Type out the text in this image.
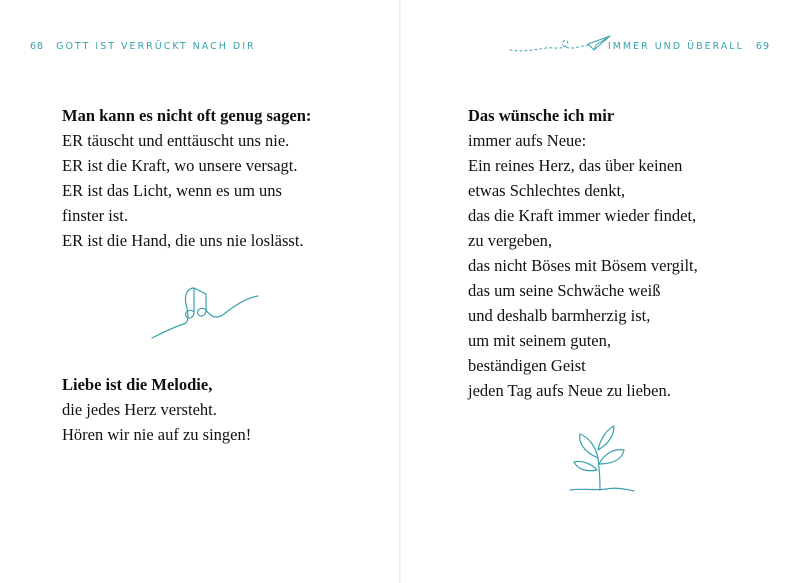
68 GOTT IST VERRÜCKT NACH DIR
Man kann es nicht oft genug sagen:
ER täuscht und enttäuscht uns nie.
ER ist die Kraft, wo unsere versagt.
ER ist das Licht, wenn es um uns
finster ist.
ER ist die Hand, die uns nie loslässt.
Liebe ist die Melodie,
die jedes Herz versteht.
Hören wir nie auf zu singen!
IMMER UND ÜBERALL 69
Das wünsche ich mir
immer aufs Neue:
Ein reines Herz, das über keinen
etwas Schlechtes denkt,
das die Kraft immer wieder findet,
zu vergeben,
das nicht Böses mit Bösem vergilt,
das um seine Schwäche weiß
und deshalb barmherzig ist,
um mit seinem guten,
beständigen Geist
jeden Tag aufs Neue zu lieben.
